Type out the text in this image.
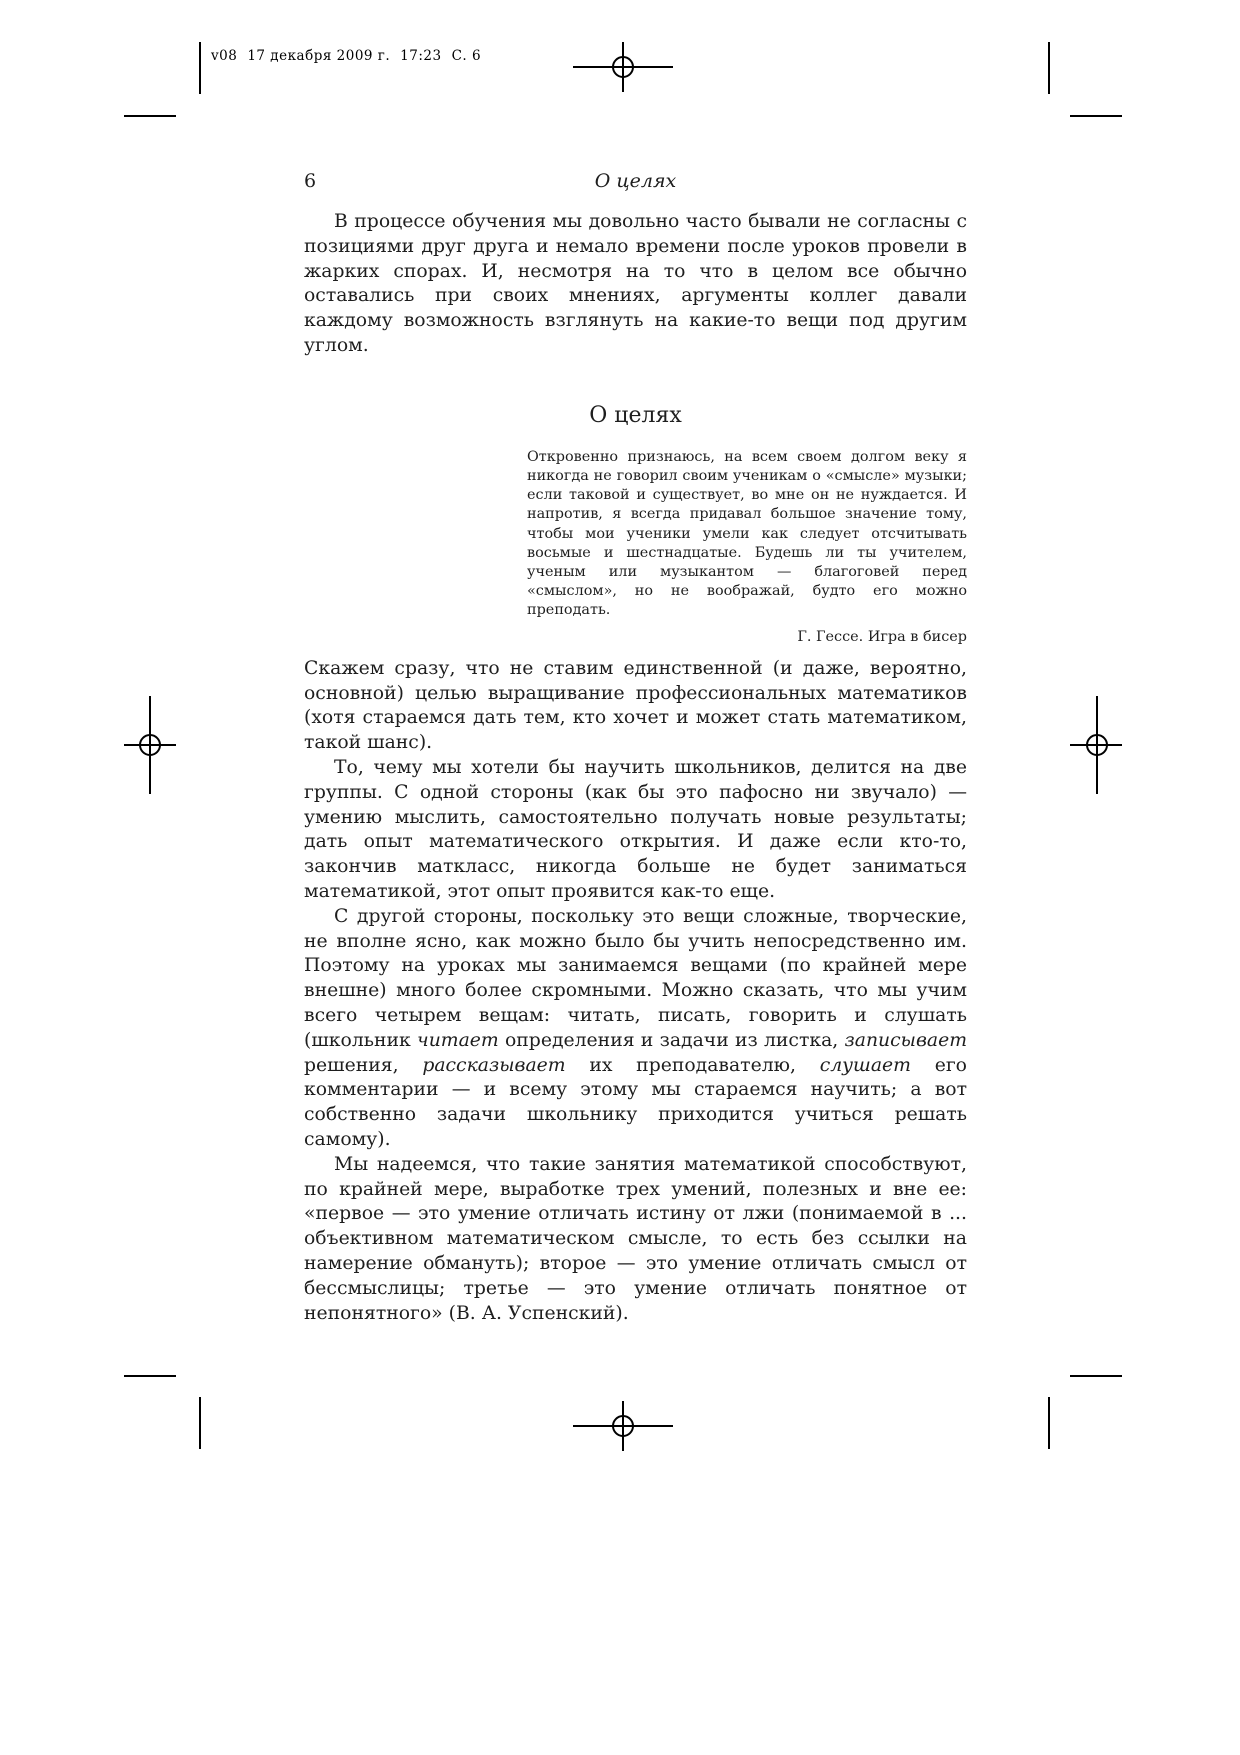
v08 17 декабря 2009 г. 17:23 С. 6
6	О целях

В процессе обучения мы довольно часто бывали не согласны с позициями друг друга и немало времени после уроков провели в жарких спорах. И, несмотря на то что в целом все обычно оставались при своих мнениях, аргументы коллег давали каждому возможность взглянуть на какие-то вещи под другим углом.

О целях
Откровенно признаюсь, на всем своем долгом веку я никогда не говорил своим ученикам о «смысле» музыки; если таковой и существует, во мне он не нуждается. И напротив, я всегда придавал большое значение тому, чтобы мои ученики умели как следует отсчитывать восьмые и шестнадцатые. Будешь ли ты учителем, ученым или музыкантом — благоговей перед «смыслом», но не воображай, будто его можно преподать.
Г. Гессе. Игра в бисер

Скажем сразу, что не ставим единственной (и даже, вероятно, основной) целью выращивание профессиональных математиков (хотя стараемся дать тем, кто хочет и может стать математиком, такой шанс).

То, чему мы хотели бы научить школьников, делится на две группы. С одной стороны (как бы это пафосно ни звучало) — умению мыслить, самостоятельно получать новые результаты; дать опыт математического открытия. И даже если кто-то, закончив маткласс, никогда больше не будет заниматься математикой, этот опыт проявится как-то еще.

С другой стороны, поскольку это вещи сложные, творческие, не вполне ясно, как можно было бы учить непосредственно им. Поэтому на уроках мы занимаемся вещами (по крайней мере внешне) много более скромными. Можно сказать, что мы учим всего четырем вещам: читать, писать, говорить и слушать (школьник читает определения и задачи из листка, записывает решения, рассказывает их преподавателю, слушает его комментарии — и всему этому мы стараемся научить; а вот собственно задачи школьнику приходится учиться решать самому).

Мы надеемся, что такие занятия математикой способствуют, по крайней мере, выработке трех умений, полезных и вне ее: «первое — это умение отличать истину от лжи (понимаемой в ... объективном математическом смысле, то есть без ссылки на намерение обмануть); второе — это умение отличать смысл от бессмыслицы; третье — это умение отличать понятное от непонятного» (В. А. Успенский).
